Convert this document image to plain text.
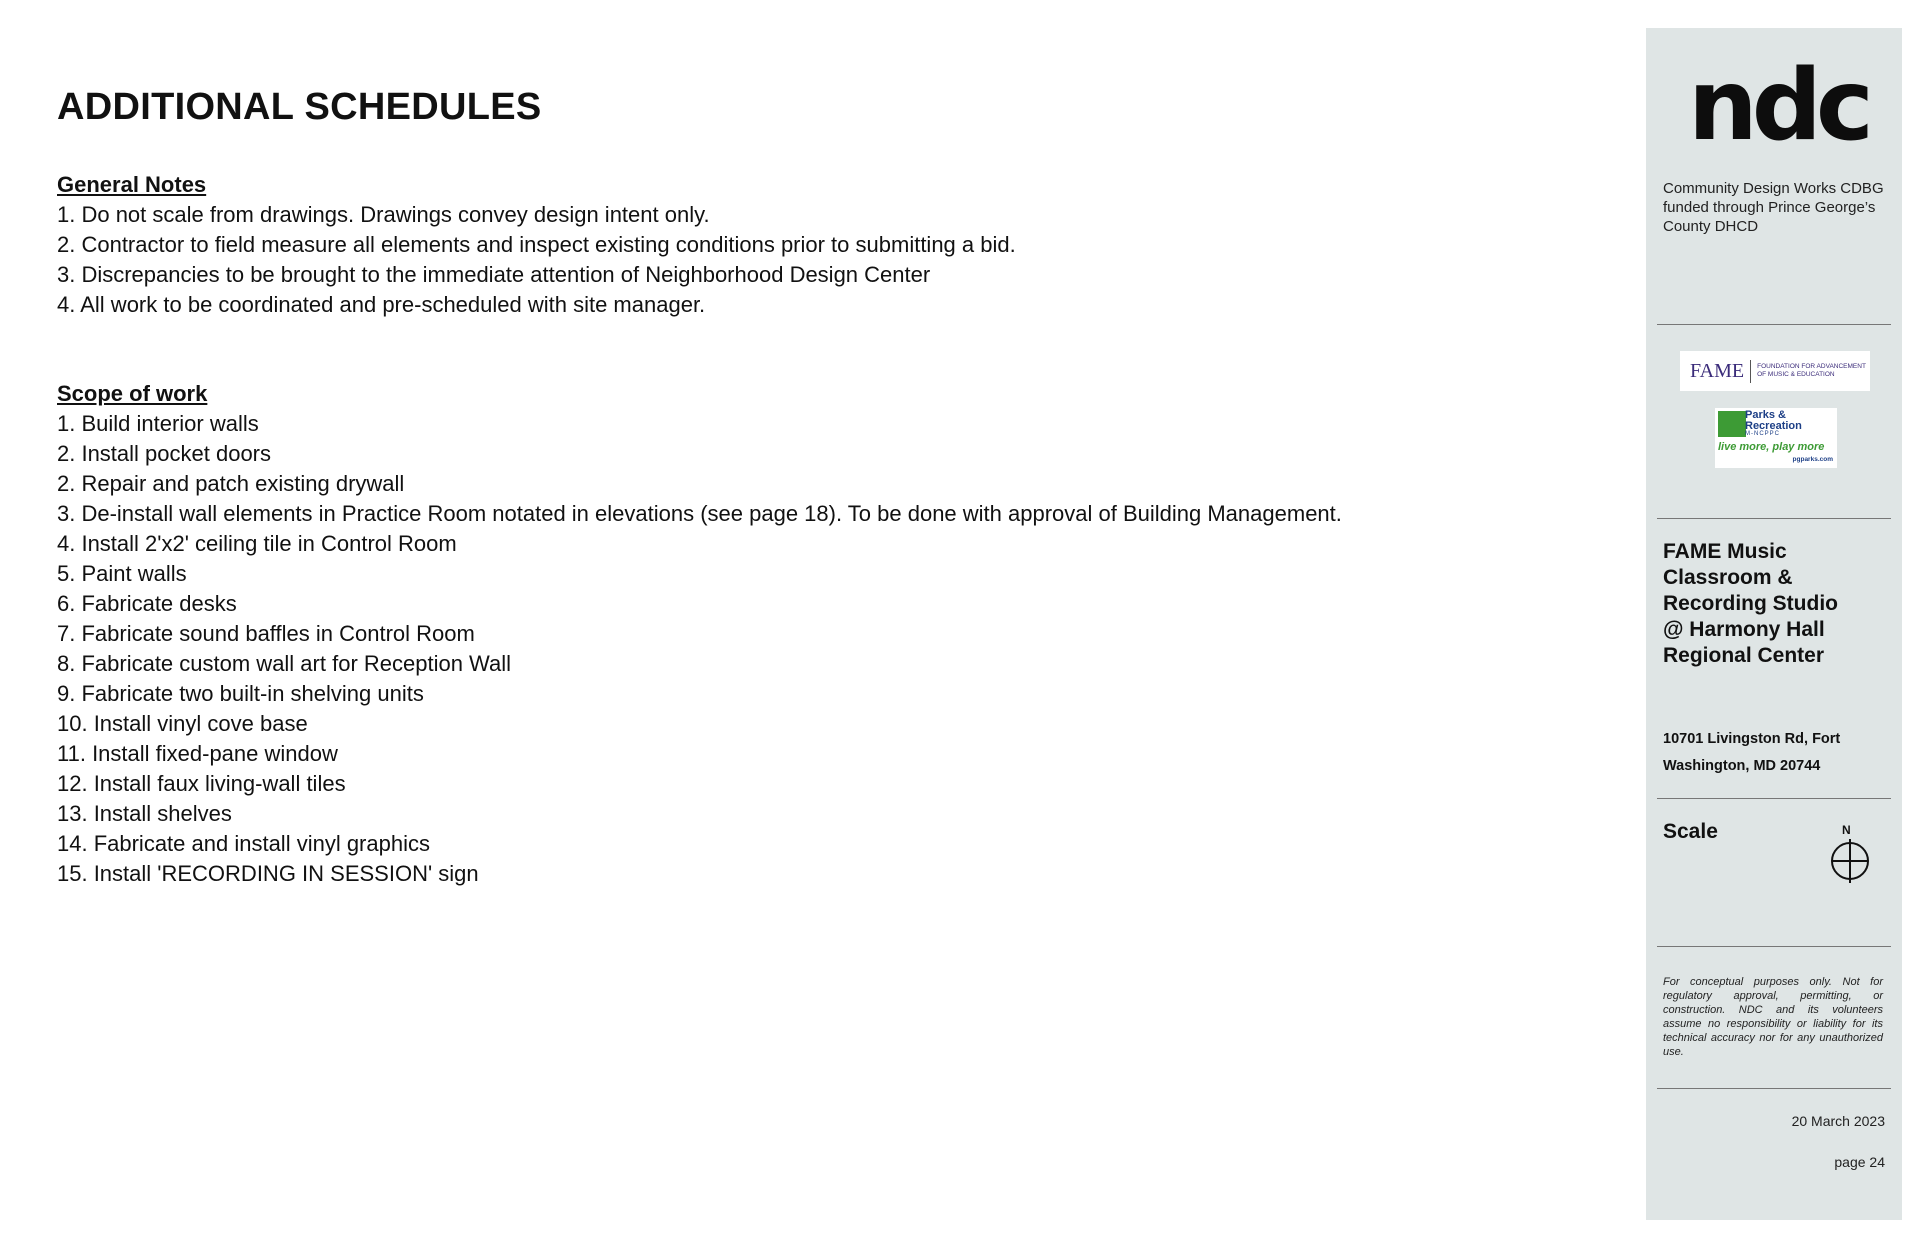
ADDITIONAL SCHEDULES
General Notes
1. Do not scale from drawings. Drawings convey design intent only.
2. Contractor to field measure all elements and inspect existing conditions prior to submitting a bid.
3. Discrepancies to be brought to the immediate attention of Neighborhood Design Center
4. All work to be coordinated and pre-scheduled with site manager.
Scope of work
1. Build interior walls
2. Install pocket doors
2. Repair and patch existing drywall
3. De-install wall elements in Practice Room notated in elevations (see page 18). To be done with approval of Building Management.
4. Install 2'x2' ceiling tile in Control Room
5. Paint walls
6. Fabricate desks
7. Fabricate sound baffles in Control Room
8. Fabricate custom wall art for Reception Wall
9. Fabricate two built-in shelving units
10. Install vinyl cove base
11. Install fixed-pane window
12. Install faux living-wall tiles
13. Install shelves
14. Fabricate and install vinyl graphics
15. Install 'RECORDING IN SESSION' sign
ndc
Community Design Works CDBG funded through Prince George’s County DHCD
FAME	FOUNDATION FOR ADVANCEMENT OF MUSIC & EDUCATION
Parks &
Recreation
M-NCPPC
live more, play more
pgparks.com
FAME Music Classroom & Recording Studio @ Harmony Hall Regional Center
10701 Livingston Rd, Fort Washington, MD 20744
Scale	N
For conceptual purposes only. Not for regulatory approval, permitting, or construction. NDC and its volunteers assume no responsibility or liability for its technical accuracy nor for any unauthorized use.
20 March 2023
page 24
